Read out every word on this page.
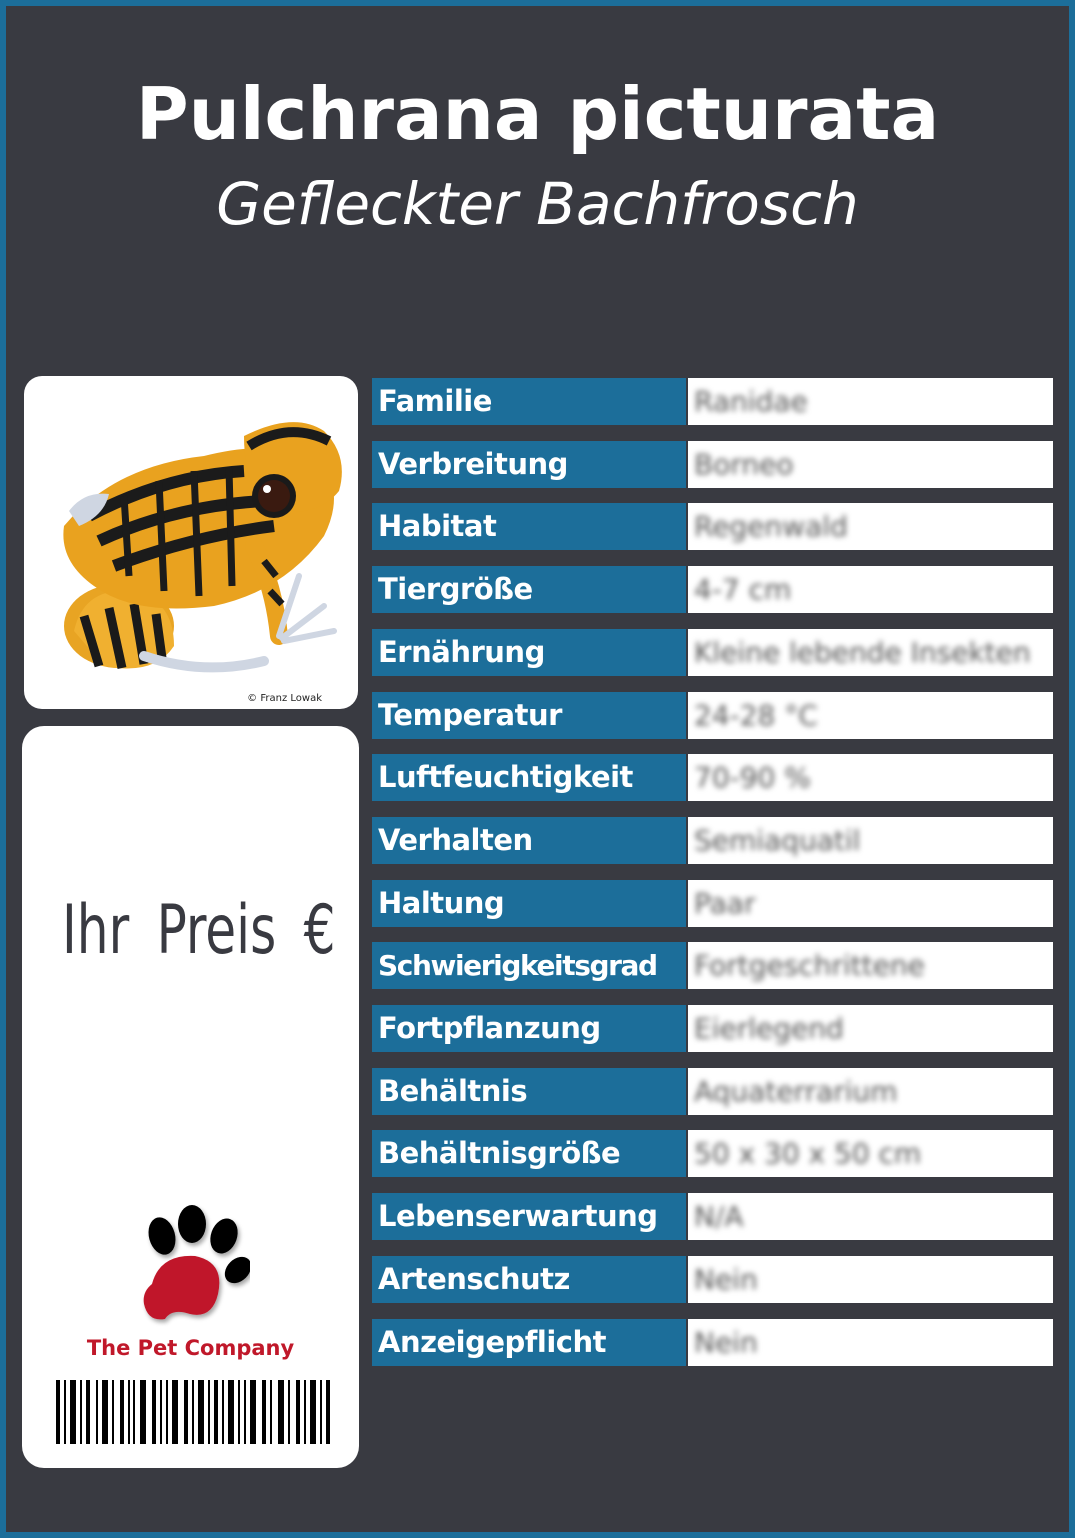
Pulchrana picturata
Gefleckter Bachfrosch
© Franz Lowak
Ihr Preis €
The Pet Company
Familie	Ranidae
Verbreitung	Borneo
Habitat	Regenwald
Tiergröße	4-7 cm
Ernährung	Kleine lebende Insekten
Temperatur	24-28 °C
Luftfeuchtigkeit	70-90 %
Verhalten	Semiaquatil
Haltung	Paar
Schwierigkeitsgrad	Fortgeschrittene
Fortpflanzung	Eierlegend
Behältnis	Aquaterrarium
Behältnisgröße	50 x 30 x 50 cm
Lebenserwartung	N/A
Artenschutz	Nein
Anzeigepflicht	Nein
